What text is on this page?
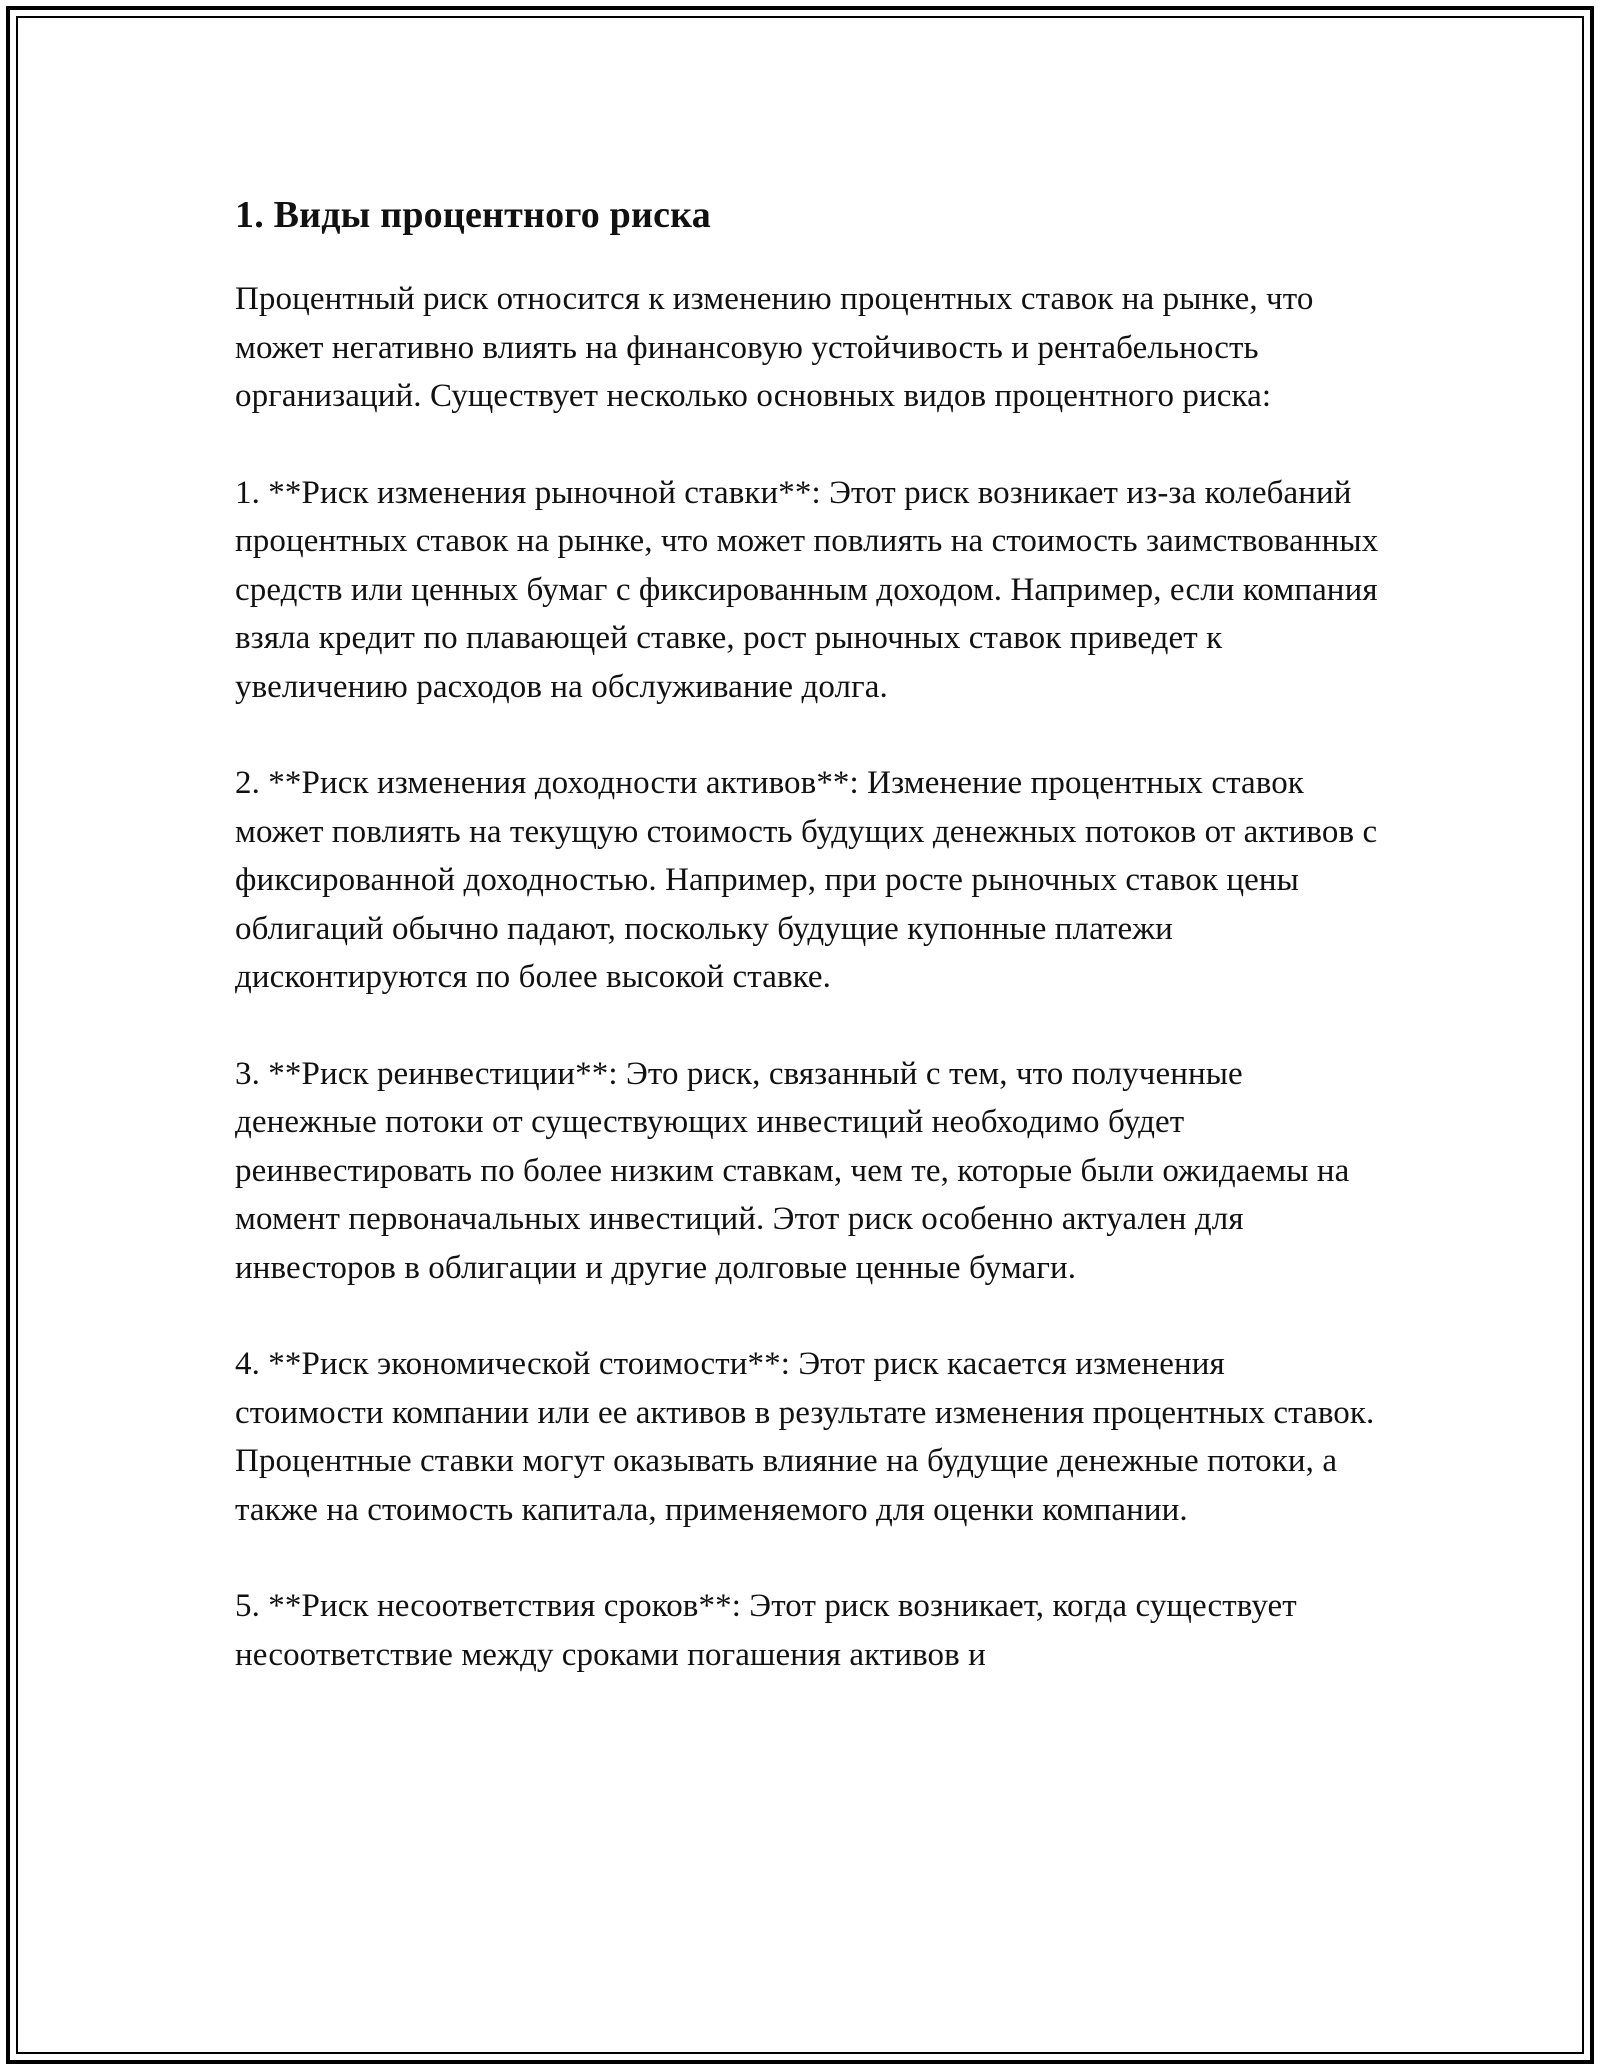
1. Виды процентного риска

Процентный риск относится к изменению процентных ставок на рынке, что может негативно влиять на финансовую устойчивость и рентабельность организаций. Существует несколько основных видов процентного риска:

1. **Риск изменения рыночной ставки**: Этот риск возникает из-за колебаний процентных ставок на рынке, что может повлиять на стоимость заимствованных средств или ценных бумаг с фиксированным доходом. Например, если компания взяла кредит по плавающей ставке, рост рыночных ставок приведет к увеличению расходов на обслуживание долга.

2. **Риск изменения доходности активов**: Изменение процентных ставок может повлиять на текущую стоимость будущих денежных потоков от активов с фиксированной доходностью. Например, при росте рыночных ставок цены облигаций обычно падают, поскольку будущие купонные платежи дисконтируются по более высокой ставке.

3. **Риск реинвестиции**: Это риск, связанный с тем, что полученные денежные потоки от существующих инвестиций необходимо будет реинвестировать по более низким ставкам, чем те, которые были ожидаемы на момент первоначальных инвестиций. Этот риск особенно актуален для инвесторов в облигации и другие долговые ценные бумаги.

4. **Риск экономической стоимости**: Этот риск касается изменения стоимости компании или ее активов в результате изменения процентных ставок. Процентные ставки могут оказывать влияние на будущие денежные потоки, а также на стоимость капитала, применяемого для оценки компании.

5. **Риск несоответствия сроков**: Этот риск возникает, когда существует несоответствие между сроками погашения активов и
